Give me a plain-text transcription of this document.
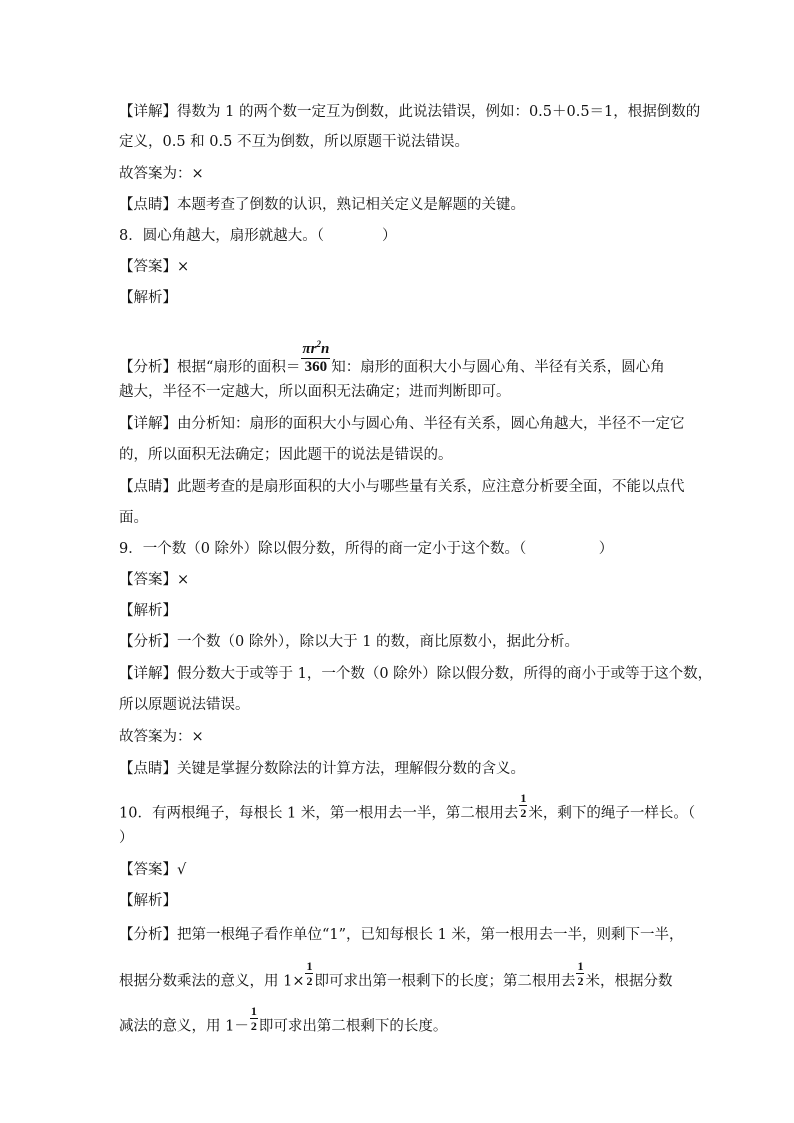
【详解】得数为 1 的两个数一定互为倒数，此说法错误，例如：0.5＋0.5＝1，根据倒数的
定义，0.5 和 0.5 不互为倒数，所以原题干说法错误。
故答案为：×
【点睛】本题考查了倒数的认识，熟记相关定义是解题的关键。
8．圆心角越大，扇形就越大。（　　　　）
【答案】×
【解析】
【分析】根据“扇形的面积＝ $\frac{\pi r^2n}{360}$ 知：扇形的面积大小与圆心角、半径有关系，圆心角
越大，半径不一定越大，所以面积无法确定；进而判断即可。
【详解】由分析知：扇形的面积大小与圆心角、半径有关系，圆心角越大，半径不一定它
的，所以面积无法确定；因此题干的说法是错误的。
【点睛】此题考查的是扇形面积的大小与哪些量有关系，应注意分析要全面，不能以点代
面。
9．一个数（0 除外）除以假分数，所得的商一定小于这个数。（　　　　　）
【答案】×
【解析】
【分析】一个数（0 除外），除以大于 1 的数，商比原数小，据此分析。
【详解】假分数大于或等于 1，一个数（0 除外）除以假分数，所得的商小于或等于这个数，
所以原题说法错误。
故答案为：×
【点睛】关键是掌握分数除法的计算方法，理解假分数的含义。
10．有两根绳子，每根长 1 米，第一根用去一半，第二根用去 $\frac{1}{2}$ 米，剩下的绳子一样长。（
）
【答案】√
【解析】
【分析】把第一根绳子看作单位“1”，已知每根长 1 米，第一根用去一半，则剩下一半，
根据分数乘法的意义，用 $1\times \frac{1}{2}$ 即可求出第一根剩下的长度；第二根用去 $\frac{1}{2}$ 米，根据分数
减法的意义，用 $1- \frac{1}{2}$ 即可求出第二根剩下的长度。
